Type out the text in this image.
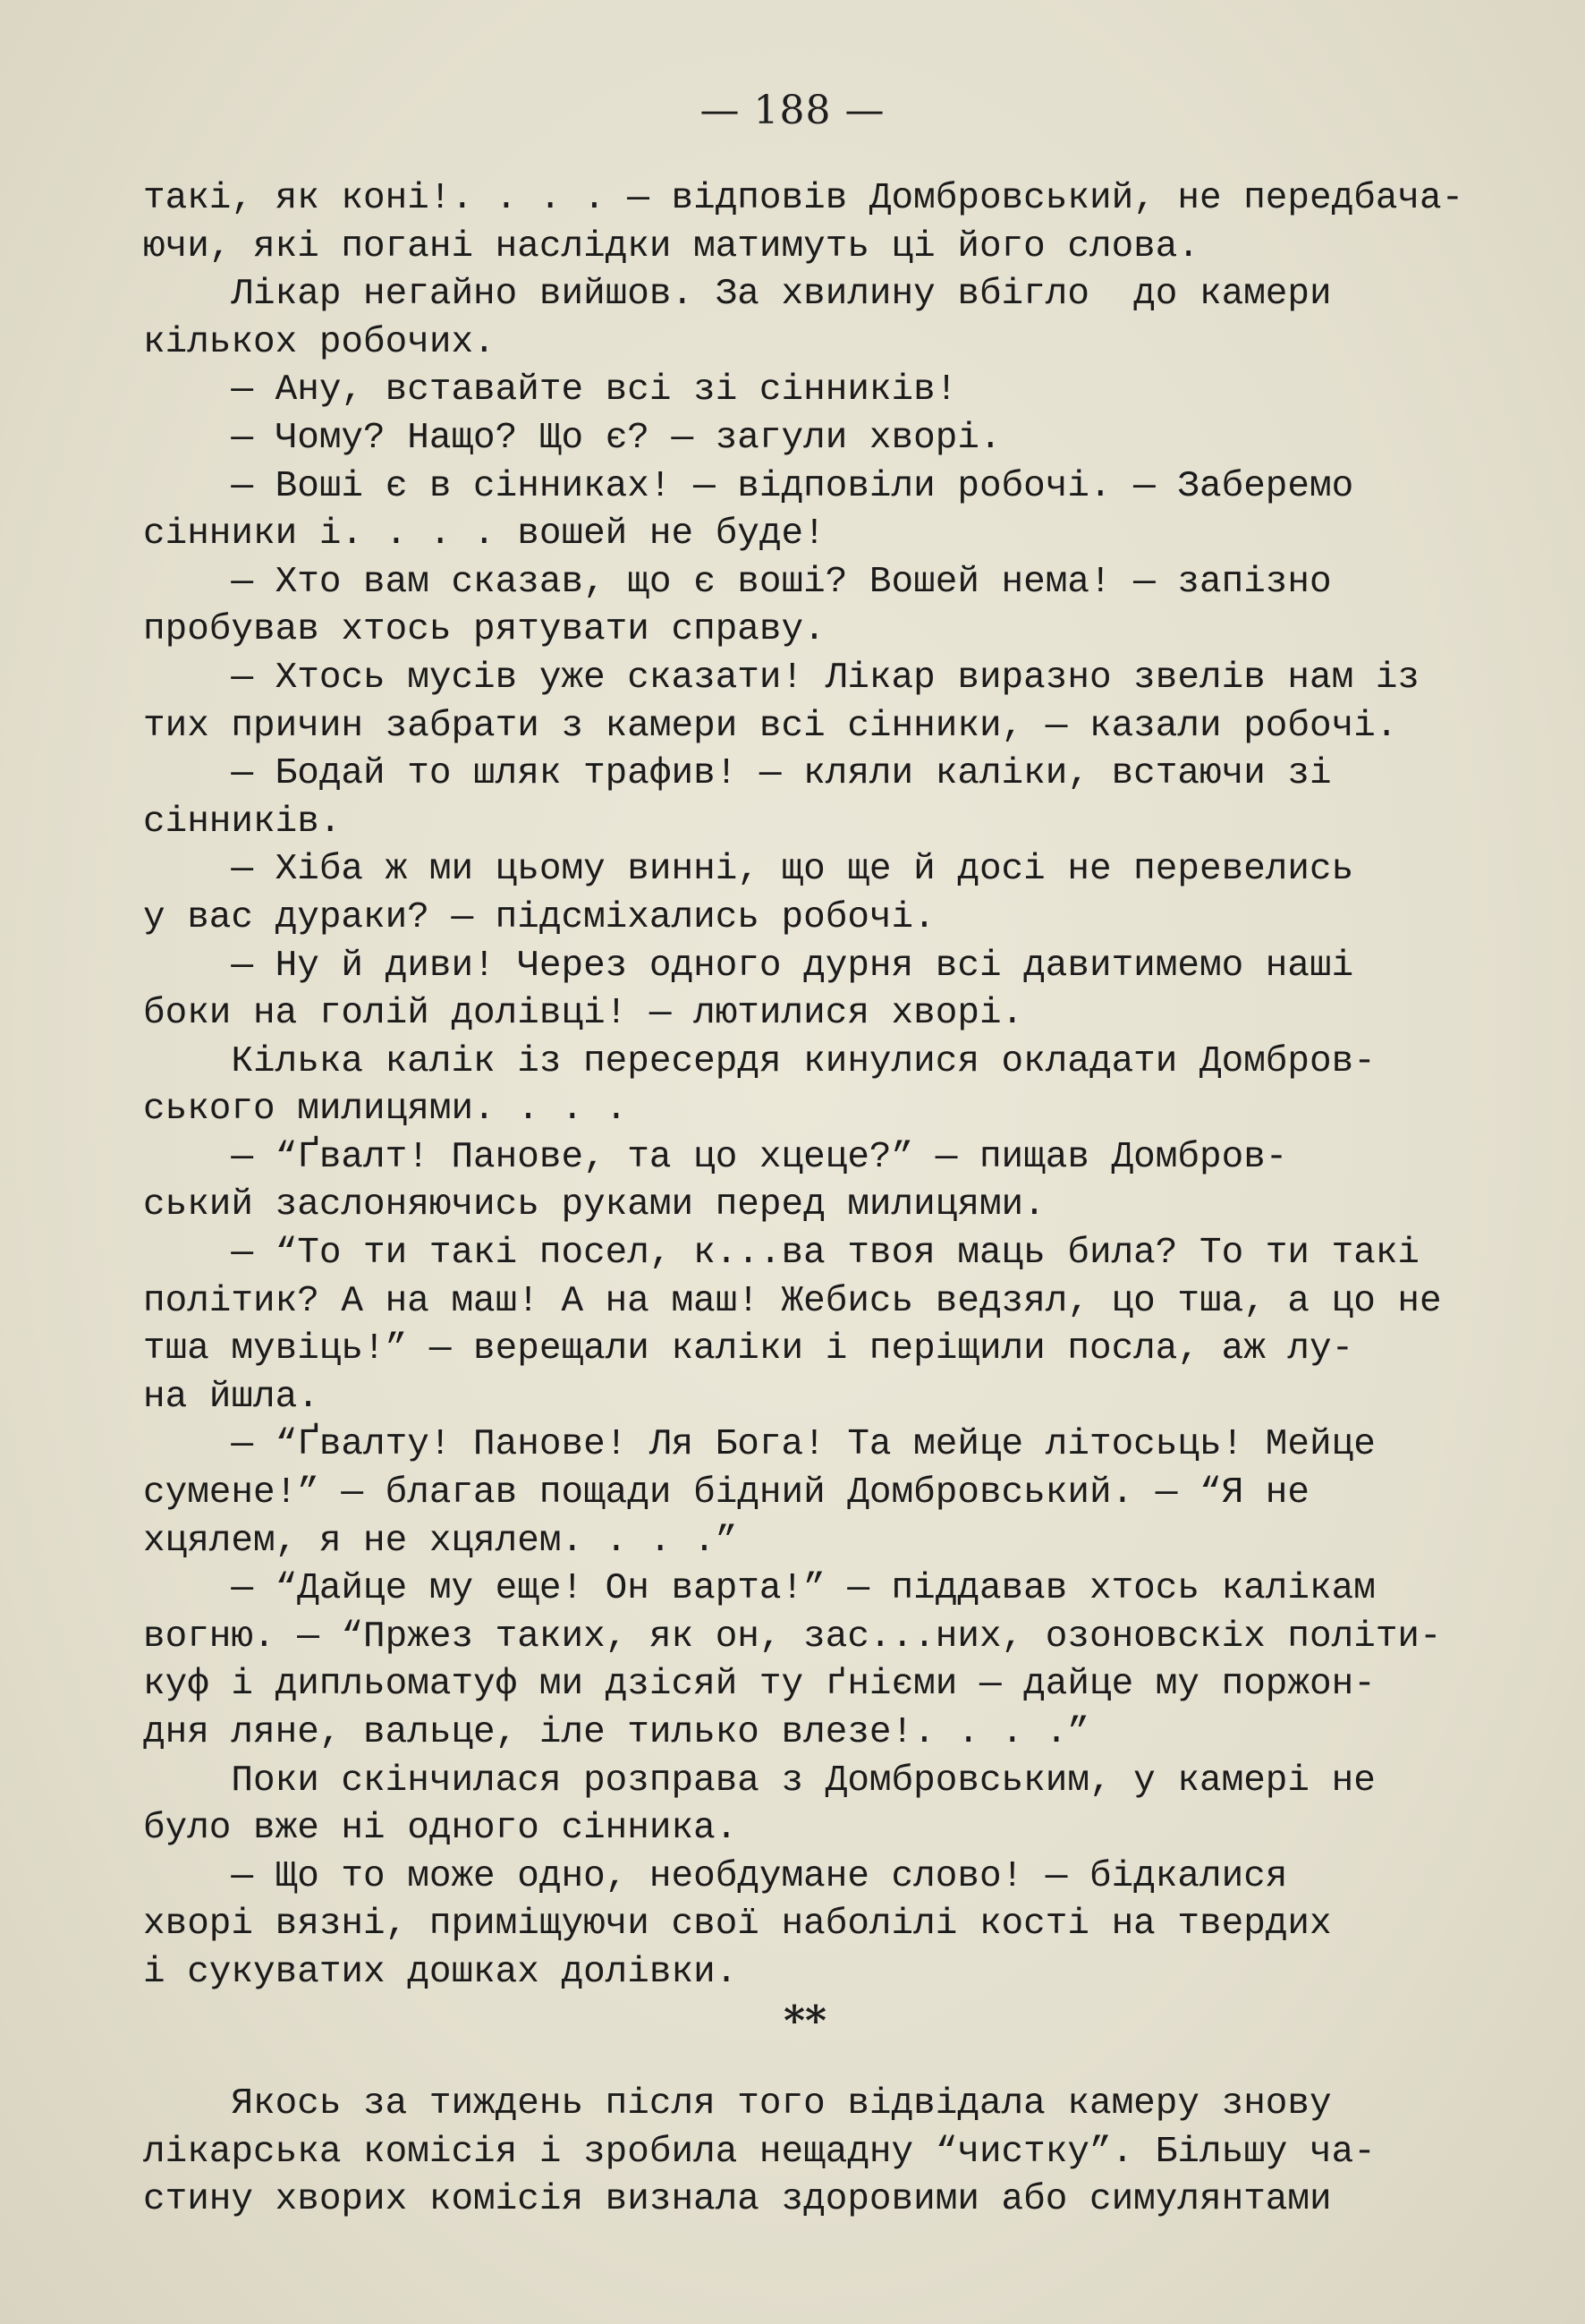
— 188 —
такі, як коні!. . . . — відповів Домбровський, не передбача-
ючи, які погані наслідки матимуть ці його слова.
Лікар негайно вийшов. За хвилину вбігло  до камери
кількох робочих.
— Ану, вставайте всі зі сінників!
— Чому? Нащо? Що є? — загули хворі.
— Воші є в сінниках! — відповіли робочі. — Заберемо
сінники і. . . . вошей не буде!
— Хто вам сказав, що є воші? Вошей нема! — запізно
пробував хтось рятувати справу.
— Хтось мусів уже сказати! Лікар виразно звелів нам із
тих причин забрати з камери всі сінники, — казали робочі.
— Бодай то шляк трафив! — кляли каліки, встаючи зі
сінників.
— Хіба ж ми цьому винні, що ще й досі не перевелись
у вас дураки? — підсміхались робочі.
— Ну й диви! Через одного дурня всі давитимемо наші
боки на голій долівці! — лютилися хворі.
Кілька калік із пересердя кинулися окладати Домбров-
ського милицями. . . .
— “Ґвалт! Панове, та цо хцеце?” — пищав Домбров-
ський заслоняючись руками перед милицями.
— “То ти такі посел, к...ва твоя маць била? То ти такі
політик? А на маш! А на маш! Жебись ведзял, цо тша, а цо не
тша мувіць!” — верещали каліки і періщили посла, аж лу-
на йшла.
— “Ґвалту! Панове! Ля Бога! Та мейце літосьць! Мейце
сумене!” — благав пощади бідний Домбровський. — “Я не
хцялем, я не хцялем. . . .”
— “Дайце му еще! Он варта!” — піддавав хтось калікам
вогню. — “Пржез таких, як он, зас...них, озоновскіх політи-
куф і дипльоматуф ми дзісяй ту ґнієми — дайце му поржон-
дня ляне, вальце, іле тилько влезе!. . . .”
Поки скінчилася розправа з Домбровським, у камері не
було вже ні одного сінника.
— Що то може одно, необдумане слово! — бідкалися
хворі вязні, приміщуючи свої наболілі кості на твердих
і сукуватих дошках долівки.
**
Якось за тиждень після того відвідала камеру знову
лікарська комісія і зробила нещадну “чистку”. Більшу ча-
стину хворих комісія визнала здоровими або симулянтами
